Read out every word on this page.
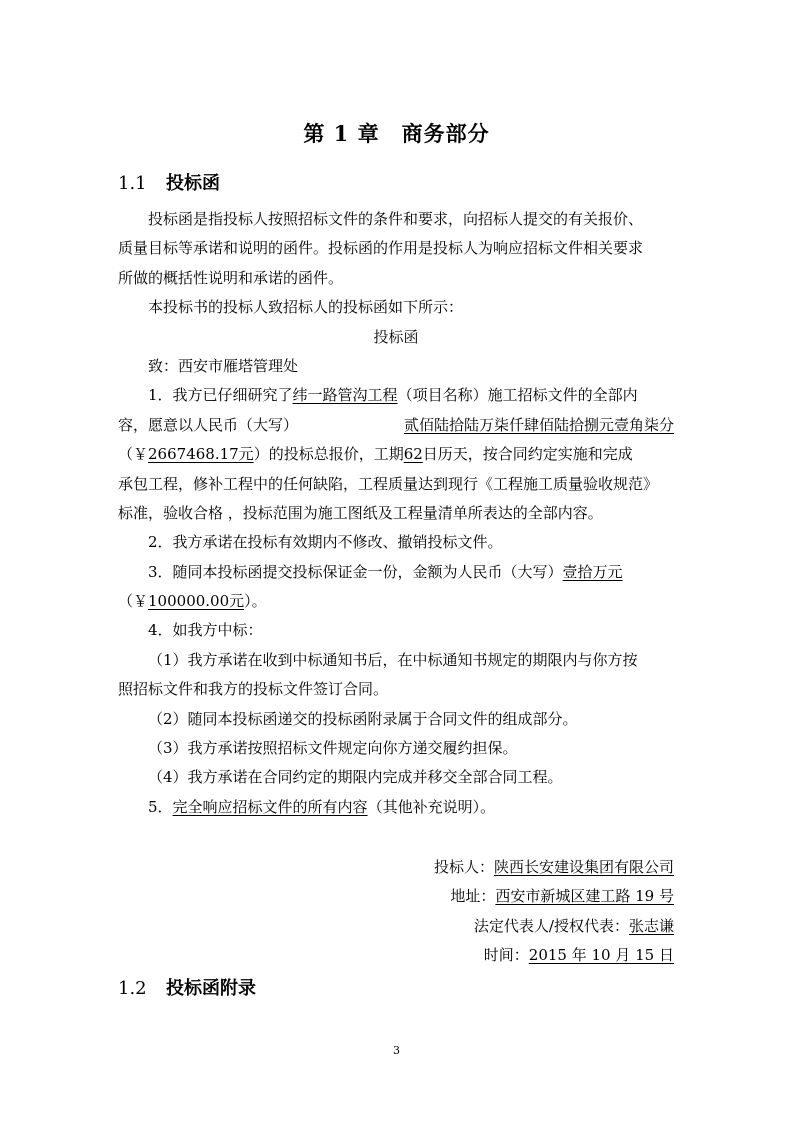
第 1 章　商务部分
1.1 投标函
投标函是指投标人按照招标文件的条件和要求，向招标人提交的有关报价、
质量目标等承诺和说明的函件。投标函的作用是投标人为响应招标文件相关要求
所做的概括性说明和承诺的函件。
本投标书的投标人致招标人的投标函如下所示：
投标函
致：西安市雁塔管理处
1．我方已仔细研究了纬一路管沟工程（项目名称）施工招标文件的全部内
容，愿意以人民币（大写）	贰佰陆拾陆万柒仟肆佰陆拾捌元壹角柒分
（￥2667468.17元）的投标总报价，工期62日历天，按合同约定实施和完成
承包工程，修补工程中的任何缺陷，工程质量达到现行《工程施工质量验收规范》
标准，验收合格 ，投标范围为施工图纸及工程量清单所表达的全部内容。
2．我方承诺在投标有效期内不修改、撤销投标文件。
3．随同本投标函提交投标保证金一份，金额为人民币（大写）壹拾万元
（￥100000.00元）。
4．如我方中标：
（1）我方承诺在收到中标通知书后，在中标通知书规定的期限内与你方按
照招标文件和我方的投标文件签订合同。
（2）随同本投标函递交的投标函附录属于合同文件的组成部分。
（3）我方承诺按照招标文件规定向你方递交履约担保。
（4）我方承诺在合同约定的期限内完成并移交全部合同工程。
5．完全响应招标文件的所有内容（其他补充说明）。
投标人：陕西长安建设集团有限公司
地址：西安市新城区建工路 19 号
法定代表人/授权代表：张志谦
时间：2015 年 10 月 15 日
1.2 投标函附录
3
